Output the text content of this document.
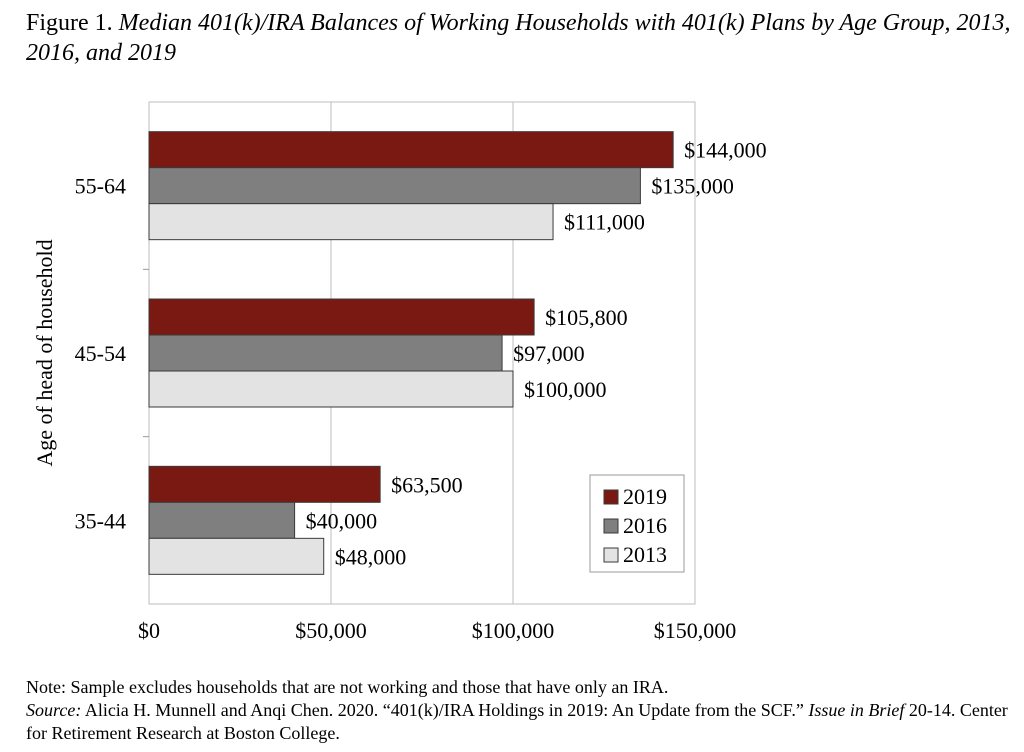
Figure 1. Median 401(k)/IRA Balances of Working Households with 401(k) Plans by Age Group, 2013, 2016, and 2019
$0	$50,000	$100,000	$150,000
Age of head of household
35-44
$63,500
$40,000
$48,000
45-54
$105,800
$97,000
$100,000
55-64
$144,000
$135,000
$111,000
2019
2016
2013
Note: Sample excludes households that are not working and those that have only an IRA.
Source: Alicia H. Munnell and Anqi Chen. 2020. “401(k)/IRA Holdings in 2019: An Update from the SCF.” Issue in Brief 20-14. Center for Retirement Research at Boston College.
